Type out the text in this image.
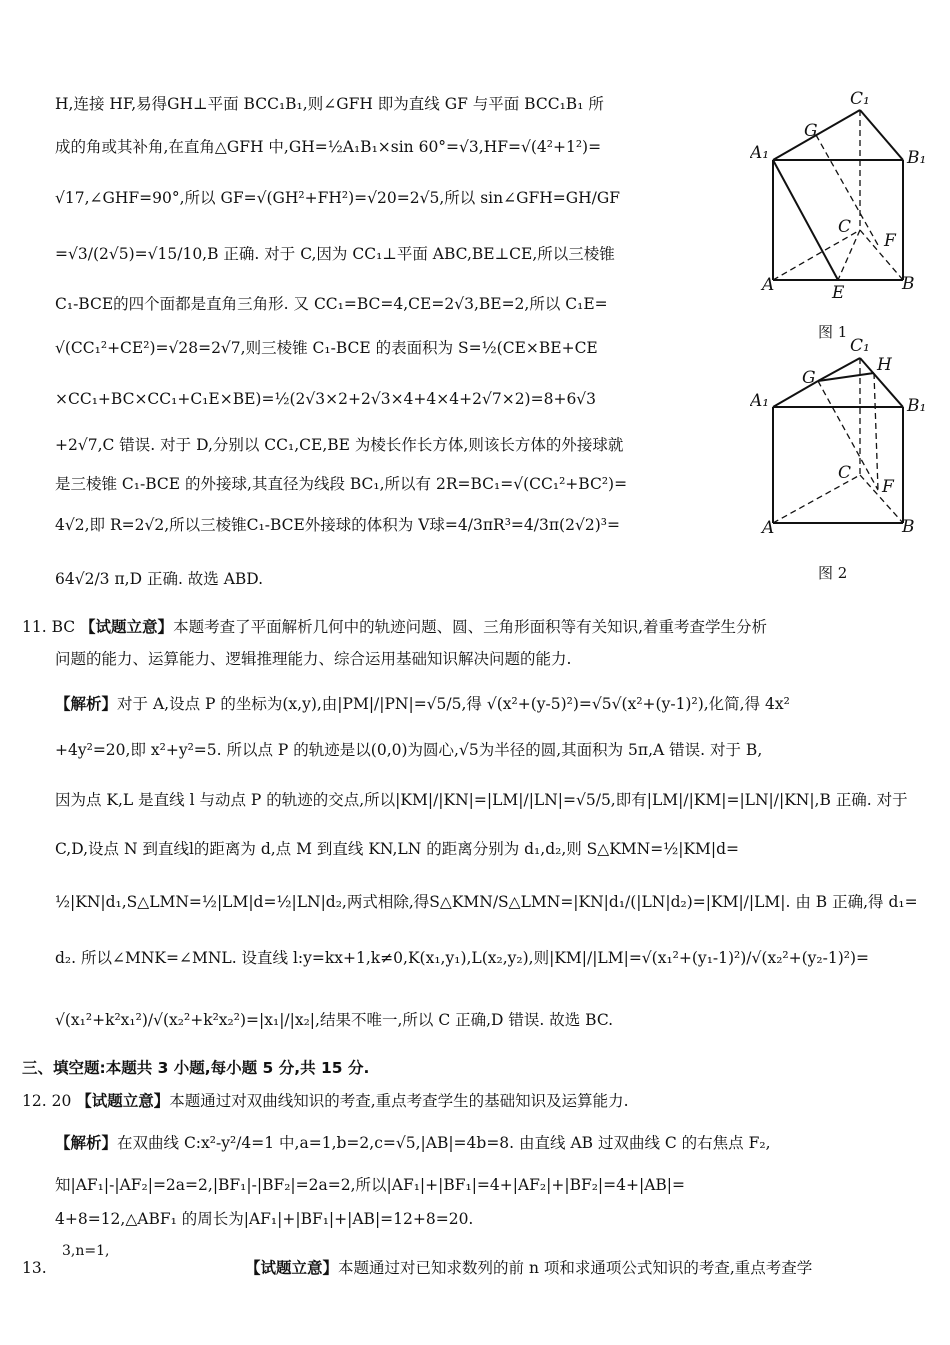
H,连接 HF,易得GH⊥平面 BCC₁B₁,则∠GFH 即为直线 GF 与平面 BCC₁B₁ 所
成的角或其补角,在直角△GFH 中,GH=½A₁B₁×sin 60°=√3,HF=√(4²+1²)=
√17,∠GHF=90°,所以 GF=√(GH²+FH²)=√20=2√5,所以 sin∠GFH=GH/GF
=√3/(2√5)=√15/10,B 正确. 对于 C,因为 CC₁⊥平面 ABC,BE⊥CE,所以三棱锥
C₁-BCE的四个面都是直角三角形. 又 CC₁=BC=4,CE=2√3,BE=2,所以 C₁E=
√(CC₁²+CE²)=√28=2√7,则三棱锥 C₁-BCE 的表面积为 S=½(CE×BE+CE
×CC₁+BC×CC₁+C₁E×BE)=½(2√3×2+2√3×4+4×4+2√7×2)=8+6√3
+2√7,C 错误. 对于 D,分别以 CC₁,CE,BE 为棱长作长方体,则该长方体的外接球就
是三棱锥 C₁-BCE 的外接球,其直径为线段 BC₁,所以有 2R=BC₁=√(CC₁²+BC²)=
4√2,即 R=2√2,所以三棱锥C₁-BCE外接球的体积为 V球=4/3πR³=4/3π(2√2)³=
64√2/3 π,D 正确. 故选 ABD.
C₁
G
A₁	B₁
C
F
A	E	B
图 1
C₁
H
G
A₁	B₁
C
F
A	B
图 2
11. BC 【试题立意】本题考查了平面解析几何中的轨迹问题、圆、三角形面积等有关知识,着重考查学生分析
问题的能力、运算能力、逻辑推理能力、综合运用基础知识解决问题的能力.
【解析】对于 A,设点 P 的坐标为(x,y),由|PM|/|PN|=√5/5,得 √(x²+(y-5)²)=√5√(x²+(y-1)²),化简,得 4x²
+4y²=20,即 x²+y²=5. 所以点 P 的轨迹是以(0,0)为圆心,√5为半径的圆,其面积为 5π,A 错误. 对于 B,
因为点 K,L 是直线 l 与动点 P 的轨迹的交点,所以|KM|/|KN|=|LM|/|LN|=√5/5,即有|LM|/|KM|=|LN|/|KN|,B 正确. 对于
C,D,设点 N 到直线l的距离为 d,点 M 到直线 KN,LN 的距离分别为 d₁,d₂,则 S△KMN=½|KM|d=
½|KN|d₁,S△LMN=½|LM|d=½|LN|d₂,两式相除,得S△KMN/S△LMN=|KN|d₁/(|LN|d₂)=|KM|/|LM|. 由 B 正确,得 d₁=
d₂. 所以∠MNK=∠MNL. 设直线 l:y=kx+1,k≠0,K(x₁,y₁),L(x₂,y₂),则|KM|/|LM|=√(x₁²+(y₁-1)²)/√(x₂²+(y₂-1)²)=
√(x₁²+k²x₁²)/√(x₂²+k²x₂²)=|x₁|/|x₂|,结果不唯一,所以 C 正确,D 错误. 故选 BC.
三、填空题:本题共 3 小题,每小题 5 分,共 15 分.
12. 20 【试题立意】本题通过对双曲线知识的考查,重点考查学生的基础知识及运算能力.
【解析】在双曲线 C:x²-y²/4=1 中,a=1,b=2,c=√5,|AB|=4b=8. 由直线 AB 过双曲线 C 的右焦点 F₂,
知|AF₁|-|AF₂|=2a=2,|BF₁|-|BF₂|=2a=2,所以|AF₁|+|BF₁|=4+|AF₂|+|BF₂|=4+|AB|=
4+8=12,△ABF₁ 的周长为|AF₁|+|BF₁|+|AB|=12+8=20.
3,n=1,
13.	【试题立意】本题通过对已知求数列的前 n 项和求通项公式知识的考查,重点考查学
